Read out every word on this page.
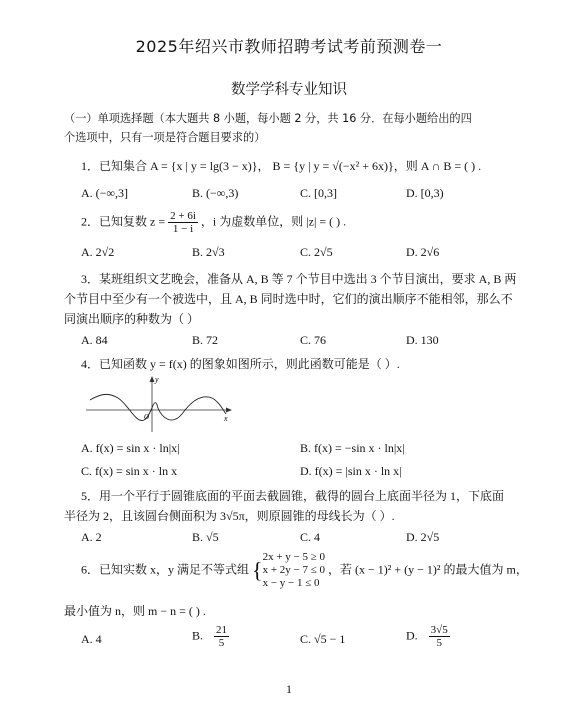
2025年绍兴市教师招聘考试考前预测卷一
数学学科专业知识
（一）单项选择题（本大题共 8 小题，每小题 2 分，共 16 分．在每小题给出的四
个选项中，只有一项是符合题目要求的）
1．已知集合 A = {x | y = lg(3 − x)}， B = {y | y = √(−x² + 6x)}，则 A ∩ B = ( ) .
A. (−∞,3]	B. (−∞,3)	C. [0,3]	D. [0,3)
2．已知复数 $z = \frac{2 + 6i}{1 - i}$ ，i 为虚数单位，则 |z| = ( ) .
A. 2√2	B. 2√3	C. 2√5	D. 2√6
3．某班组织文艺晚会，准备从 A, B 等 7 个节目中选出 3 个节目演出，要求 A, B 两
个节目中至少有一个被选中，且 A, B 同时选中时，它们的演出顺序不能相邻，那么不
同演出顺序的种数为（ ）
A. 84	B. 72	C. 76	D. 130
4．已知函数 y = f(x) 的图象如图所示，则此函数可能是（ ）.
y
x
O
A. f(x) = sin x · ln|x|	B. f(x) = −sin x · ln|x|
C. f(x) = sin x · ln x	D. f(x) = |sin x · ln x|
5．用一个平行于圆锥底面的平面去截圆锥，截得的圆台上底面半径为 1，下底面
半径为 2，且该圆台侧面积为 3√5π，则原圆锥的母线长为（ ）.
A. 2	B. √5	C. 4	D. 2√5
6．已知实数 x，y 满足不等式组 {
2x + y − 5 ≥ 0
x + 2y − 7 ≤ 0
x − y − 1 ≤ 0
，若 (x − 1)² + (y − 1)² 的最大值为 m，
最小值为 n，则 m − n = ( ) .
A. 4	B. $\frac{21}{5}$	C. √5 − 1	D. $\frac{3√5}{5}$
1
